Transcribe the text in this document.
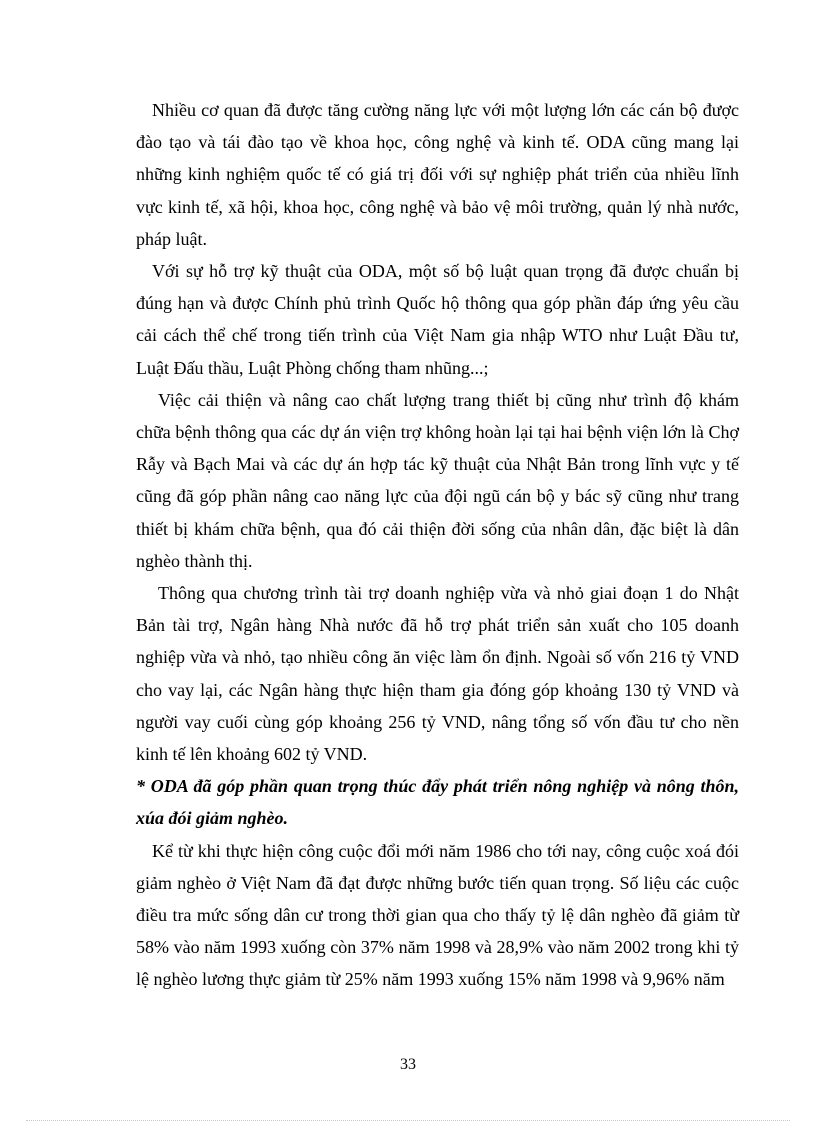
Nhiều cơ quan đã được tăng cường năng lực với một lượng lớn các cán bộ được đào tạo và tái đào tạo về khoa học, công nghệ và kinh tế. ODA cũng mang lại những kinh nghiệm quốc tế có giá trị đối với sự nghiệp phát triển của nhiều lĩnh vực kinh tế, xã hội, khoa học, công nghệ và bảo vệ môi trường, quản lý nhà nước, pháp luật.

Với sự hỗ trợ kỹ thuật của ODA, một số bộ luật quan trọng đã được chuẩn bị đúng hạn và được Chính phủ trình Quốc hộ thông qua góp phần đáp ứng yêu cầu cải cách thể chế trong tiến trình của Việt Nam gia nhập WTO như Luật Đầu tư, Luật Đấu thầu, Luật Phòng chống tham nhũng...;

Việc cải thiện và nâng cao chất lượng trang thiết bị cũng như trình độ khám chữa bệnh thông qua các dự án viện trợ không hoàn lại tại hai bệnh viện lớn là Chợ Rẫy và Bạch Mai và các dự án hợp tác kỹ thuật của Nhật Bản trong lĩnh vực y tế cũng đã góp phần nâng cao năng lực của đội ngũ cán bộ y bác sỹ cũng như trang thiết bị khám chữa bệnh, qua đó cải thiện đời sống của nhân dân, đặc biệt là dân nghèo thành thị.

Thông qua chương trình tài trợ doanh nghiệp vừa và nhỏ giai đoạn 1 do Nhật Bản tài trợ, Ngân hàng Nhà nước đã hỗ trợ phát triển sản xuất cho 105 doanh nghiệp vừa và nhỏ, tạo nhiều công ăn việc làm ổn định. Ngoài số vốn 216 tỷ VND cho vay lại, các Ngân hàng thực hiện tham gia đóng góp khoảng 130 tỷ VND và người vay cuối cùng góp khoảng 256 tỷ VND, nâng tổng số vốn đầu tư cho nền kinh tế lên khoảng 602 tỷ VND.

* ODA đã góp phần quan trọng thúc đẩy phát triển nông nghiệp và nông thôn, xúa đói giảm nghèo.

Kể từ khi thực hiện công cuộc đổi mới năm 1986 cho tới nay, công cuộc xoá đói giảm nghèo ở Việt Nam đã đạt được những bước tiến quan trọng. Số liệu các cuộc điều tra mức sống dân cư trong thời gian qua cho thấy tỷ lệ dân nghèo đã giảm từ 58% vào năm 1993 xuống còn 37% năm 1998 và 28,9% vào năm 2002 trong khi tỷ lệ nghèo lương thực giảm từ 25% năm 1993 xuống 15% năm 1998 và 9,96% năm

33
